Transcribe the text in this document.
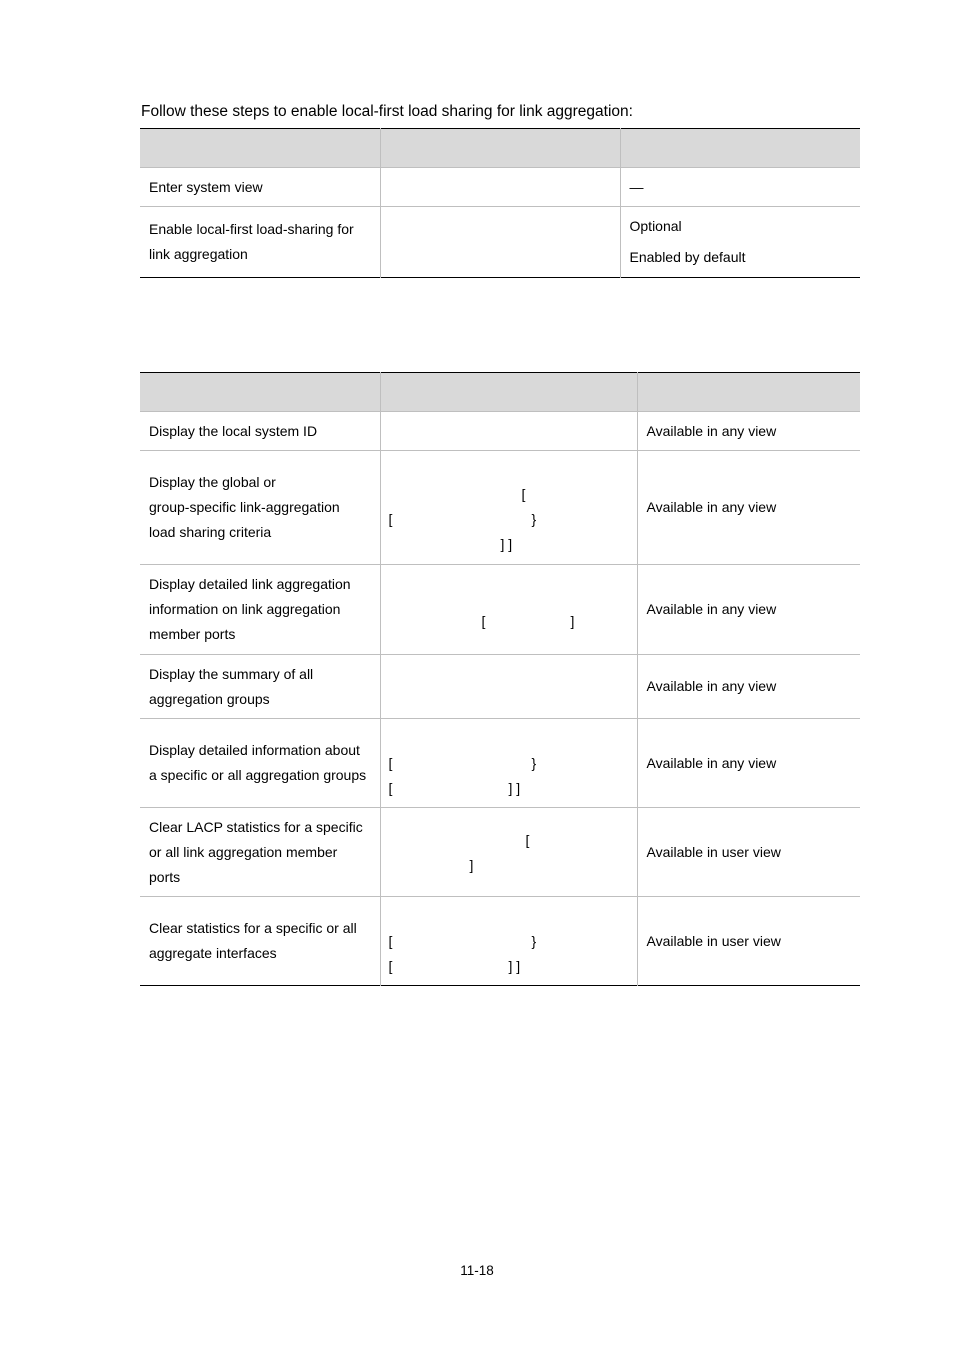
Follow these steps to enable local-first load sharing for link aggregation:

Enter system view		—

Enable local-first load-sharing for
link aggregation		Optional
Enabled by default

Display the local system ID		Available in any view

Display the global or
group-specific link-aggregation
load sharing criteria	[
[ }
] ]	Available in any view

Display detailed link aggregation
information on link aggregation
member ports	[ ]	Available in any view

Display the summary of all
aggregation groups		Available in any view

Display detailed information about
a specific or all aggregation groups	[ }
[ ] ]	Available in any view

Clear LACP statistics for a specific
or all link aggregation member
ports	[
]	Available in user view

Clear statistics for a specific or all
aggregate interfaces	[ }
[ ] ]	Available in user view
11-18
